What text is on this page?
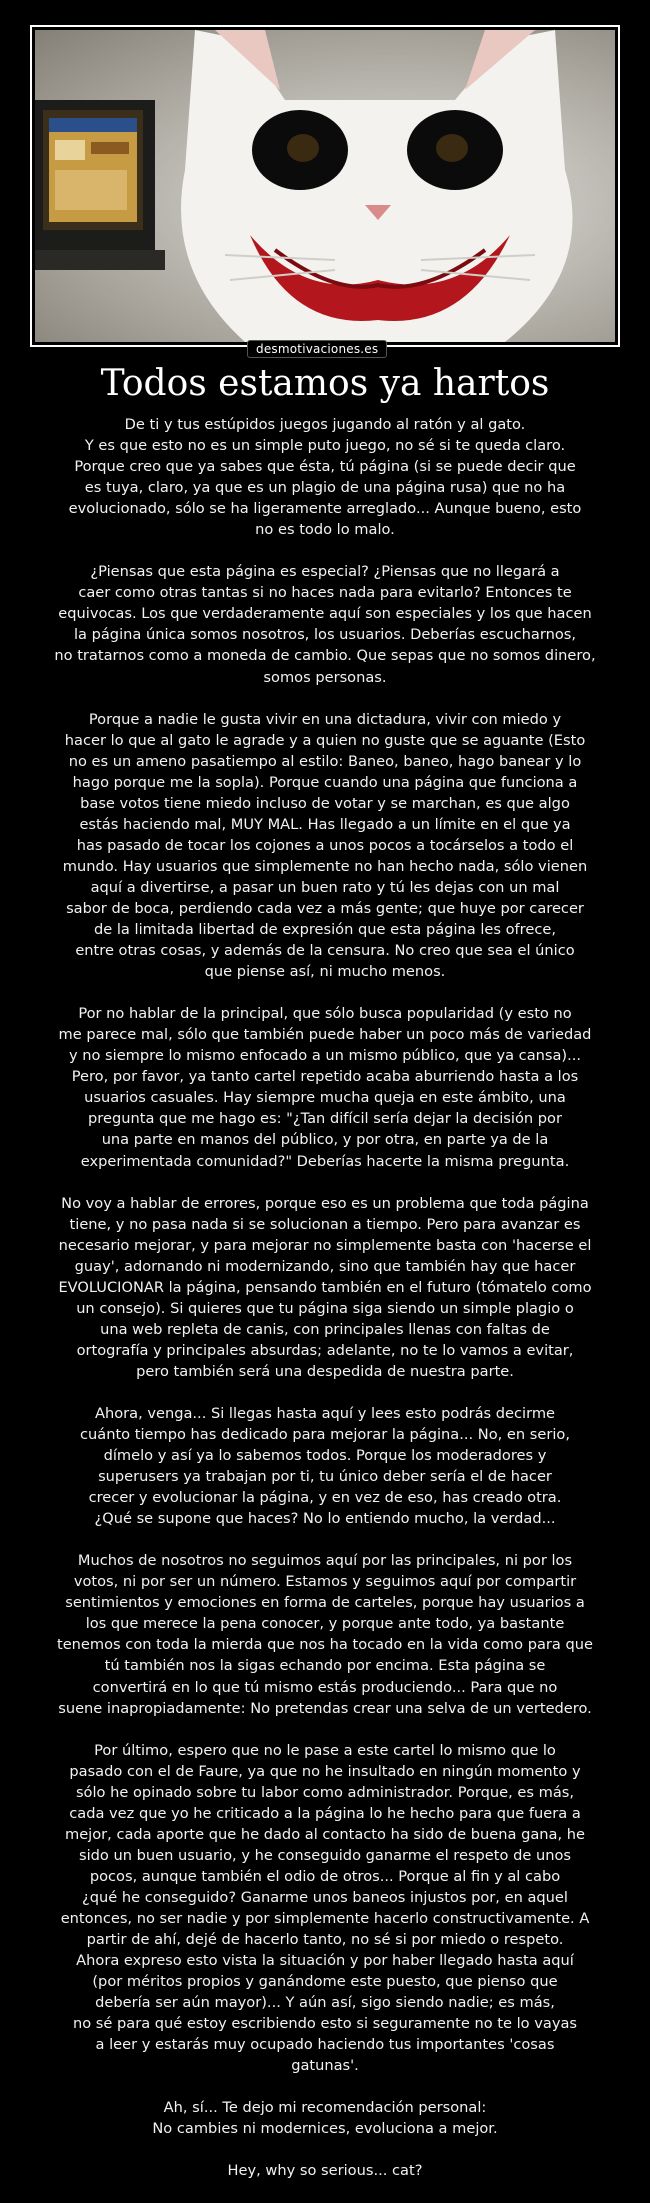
desmotivaciones.es
Todos estamos ya hartos

De ti y tus estúpidos juegos jugando al ratón y al gato.
Y es que esto no es un simple puto juego, no sé si te queda claro.
Porque creo que ya sabes que ésta, tú página (si se puede decir que
es tuya, claro, ya que es un plagio de una página rusa) que no ha
evolucionado, sólo se ha ligeramente arreglado... Aunque bueno, esto
no es todo lo malo.

¿Piensas que esta página es especial? ¿Piensas que no llegará a
caer como otras tantas si no haces nada para evitarlo? Entonces te
equivocas. Los que verdaderamente aquí son especiales y los que hacen
la página única somos nosotros, los usuarios. Deberías escucharnos,
no tratarnos como a moneda de cambio. Que sepas que no somos dinero,
somos personas.

Porque a nadie le gusta vivir en una dictadura, vivir con miedo y
hacer lo que al gato le agrade y a quien no guste que se aguante (Esto
no es un ameno pasatiempo al estilo: Baneo, baneo, hago banear y lo
hago porque me la sopla). Porque cuando una página que funciona a
base votos tiene miedo incluso de votar y se marchan, es que algo
estás haciendo mal, MUY MAL. Has llegado a un límite en el que ya
has pasado de tocar los cojones a unos pocos a tocárselos a todo el
mundo. Hay usuarios que simplemente no han hecho nada, sólo vienen
aquí a divertirse, a pasar un buen rato y tú les dejas con un mal
sabor de boca, perdiendo cada vez a más gente; que huye por carecer
de la limitada libertad de expresión que esta página les ofrece,
entre otras cosas, y además de la censura. No creo que sea el único
que piense así, ni mucho menos.

Por no hablar de la principal, que sólo busca popularidad (y esto no
me parece mal, sólo que también puede haber un poco más de variedad
y no siempre lo mismo enfocado a un mismo público, que ya cansa)...
Pero, por favor, ya tanto cartel repetido acaba aburriendo hasta a los
usuarios casuales. Hay siempre mucha queja en este ámbito, una
pregunta que me hago es: "¿Tan difícil sería dejar la decisión por
una parte en manos del público, y por otra, en parte ya de la
experimentada comunidad?" Deberías hacerte la misma pregunta.

No voy a hablar de errores, porque eso es un problema que toda página
tiene, y no pasa nada si se solucionan a tiempo. Pero para avanzar es
necesario mejorar, y para mejorar no simplemente basta con 'hacerse el
guay', adornando ni modernizando, sino que también hay que hacer
EVOLUCIONAR la página, pensando también en el futuro (tómatelo como
un consejo). Si quieres que tu página siga siendo un simple plagio o
una web repleta de canis, con principales llenas con faltas de
ortografía y principales absurdas; adelante, no te lo vamos a evitar,
pero también será una despedida de nuestra parte.

Ahora, venga... Si llegas hasta aquí y lees esto podrás decirme
cuánto tiempo has dedicado para mejorar la página... No, en serio,
dímelo y así ya lo sabemos todos. Porque los moderadores y
superusers ya trabajan por ti, tu único deber sería el de hacer
crecer y evolucionar la página, y en vez de eso, has creado otra.
¿Qué se supone que haces? No lo entiendo mucho, la verdad...

Muchos de nosotros no seguimos aquí por las principales, ni por los
votos, ni por ser un número. Estamos y seguimos aquí por compartir
sentimientos y emociones en forma de carteles, porque hay usuarios a
los que merece la pena conocer, y porque ante todo, ya bastante
tenemos con toda la mierda que nos ha tocado en la vida como para que
tú también nos la sigas echando por encima. Esta página se
convertirá en lo que tú mismo estás produciendo... Para que no
suene inapropiadamente: No pretendas crear una selva de un vertedero.

Por último, espero que no le pase a este cartel lo mismo que lo
pasado con el de Faure, ya que no he insultado en ningún momento y
sólo he opinado sobre tu labor como administrador. Porque, es más,
cada vez que yo he criticado a la página lo he hecho para que fuera a
mejor, cada aporte que he dado al contacto ha sido de buena gana, he
sido un buen usuario, y he conseguido ganarme el respeto de unos
pocos, aunque también el odio de otros... Porque al fin y al cabo
¿qué he conseguido? Ganarme unos baneos injustos por, en aquel
entonces, no ser nadie y por simplemente hacerlo constructivamente. A
partir de ahí, dejé de hacerlo tanto, no sé si por miedo o respeto.
Ahora expreso esto vista la situación y por haber llegado hasta aquí
(por méritos propios y ganándome este puesto, que pienso que
debería ser aún mayor)... Y aún así, sigo siendo nadie; es más,
no sé para qué estoy escribiendo esto si seguramente no te lo vayas
a leer y estarás muy ocupado haciendo tus importantes 'cosas
gatunas'.

Ah, sí... Te dejo mi recomendación personal:
No cambies ni modernices, evoluciona a mejor.

Hey, why so serious... cat?
